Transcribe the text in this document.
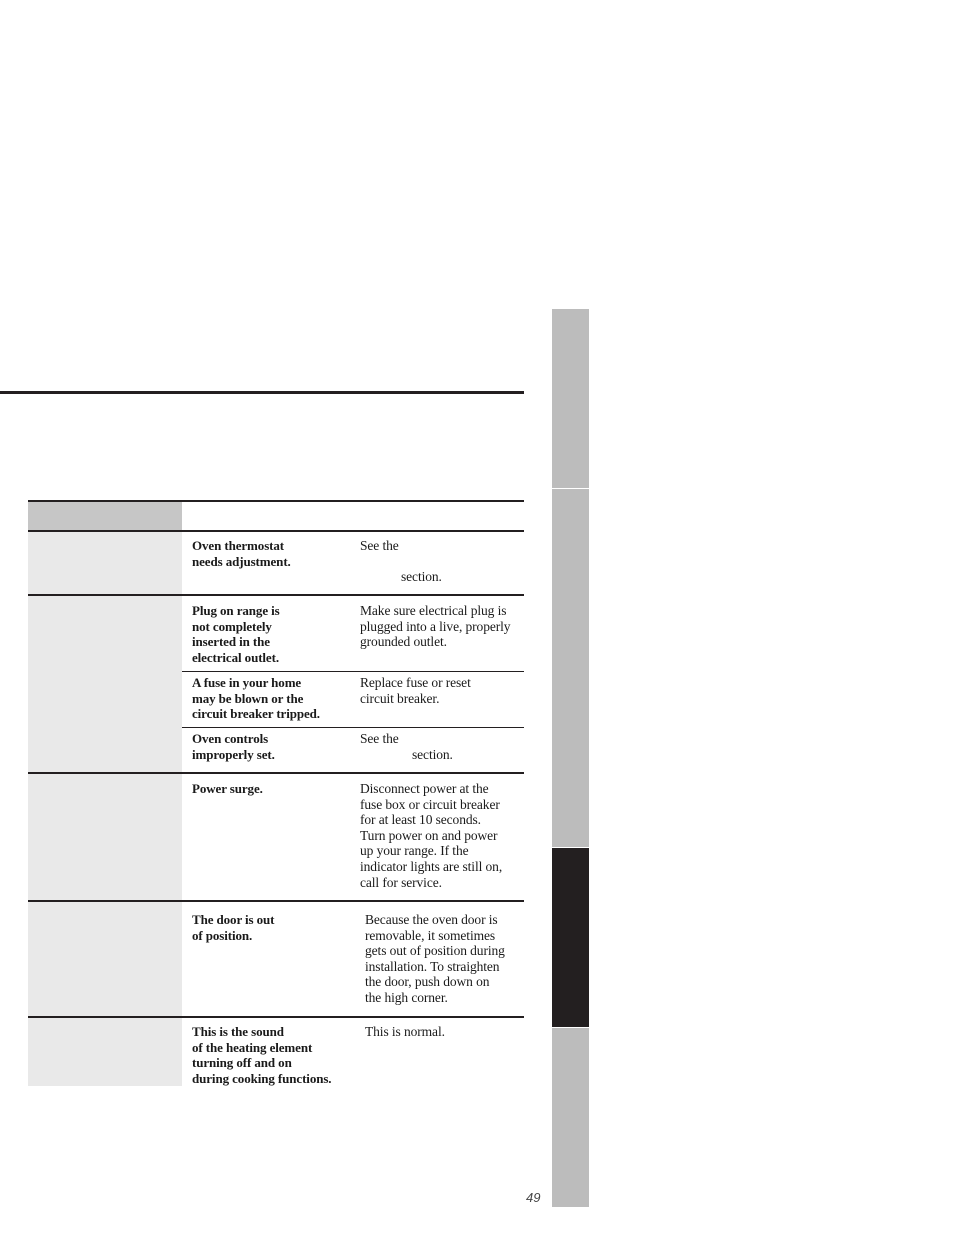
Oven thermostat
needs adjustment.
See the
section.
Plug on range is
not completely
inserted in the
electrical outlet.
Make sure electrical plug is
plugged into a live, properly
grounded outlet.
A fuse in your home
may be blown or the
circuit breaker tripped.
Replace fuse or reset
circuit breaker.
Oven controls
improperly set.
See the
section.
Power surge.	Disconnect power at the
fuse box or circuit breaker
for at least 10 seconds.
Turn power on and power
up your range. If the
indicator lights are still on,
call for service.
The door is out
of position.
Because the oven door is
removable, it sometimes
gets out of position during
installation. To straighten
the door, push down on
the high corner.
This is the sound
of the heating element
turning off and on
during cooking functions.
This is normal.
49
